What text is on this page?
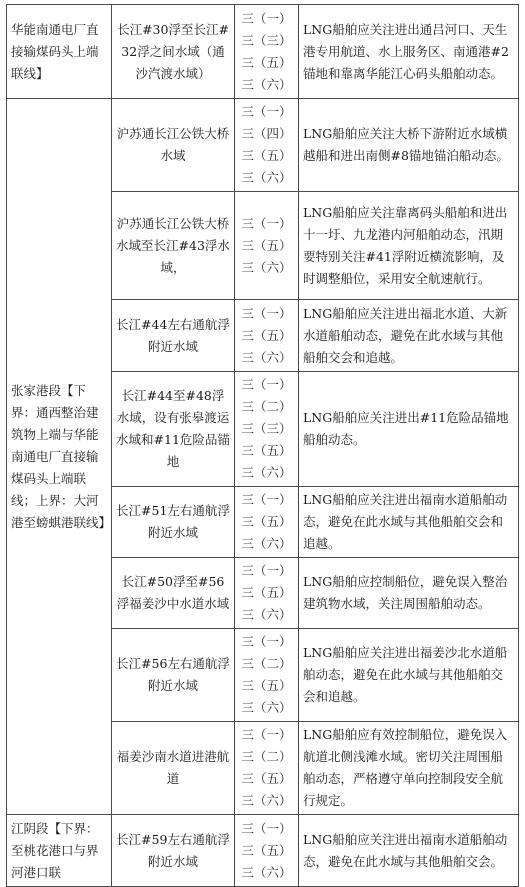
华能南通电厂直接输煤码头上端联线】	长江#30浮至长江#32浮之间水域（通沙汽渡水域）	三（一）
三（三）
三（五）
三（六）	LNG船舶应关注进出通吕河口、天生港专用航道、水上服务区、南通港#2锚地和靠离华能江心码头船舶动态。
张家港段【下界：通西整治建筑物上端与华能南通电厂直接输煤码头上端联线；上界：大河港至螃蜞港联线】	沪苏通长江公铁大桥水域	三（一）
三（四）
三（五）
三（六）	LNG船舶应关注大桥下游附近水域横越船和进出南侧#8锚地锚泊船动态。
	沪苏通长江公铁大桥水域至长江#43浮水域，	三（一）
三（五）
三（六）	LNG船舶应关注靠离码头船舶和进出十一圩、九龙港内河船舶动态，汛期要特别关注#41浮附近横流影响，及时调整船位，采用安全航速航行。
	长江#44左右通航浮附近水域	三（一）
三（五）
三（六）	LNG船舶应关注进出福北水道、大新水道船舶动态，避免在此水域与其他船舶交会和追越。
	长江#44至#48浮水域，设有张皋渡运水域和#11危险品锚地	三（一）
三（二）
三（三）
三（五）
三（六）	LNG船舶应关注进出#11危险品锚地船舶动态。
	长江#51左右通航浮附近水域	三（一）
三（五）
三（六）	LNG船舶应关注进出福南水道船舶动态，避免在此水域与其他船舶交会和追越。
	长江#50浮至#56浮福姜沙中水道水域	三（一）
三（五）
三（六）	LNG船舶应控制船位，避免误入整治建筑物水域，关注周围船舶动态。
	长江#56左右通航浮附近水域	三（一）
三（二）
三（五）
三（六）	LNG船舶应关注进出福姜沙北水道船舶动态，避免在此水域与其他船舶交会和追越。
	福姜沙南水道进港航道	三（一）
三（二）
三（五）
三（六）	LNG船舶应有效控制船位，避免误入航道北侧浅滩水域。密切关注周围船舶动态，严格遵守单向控制段安全航行规定。
江阴段【下界：至桃花港口与界河港口联	长江#59左右通航浮附近水域	三（一）
三（五）
三（六）	LNG船舶应关注进出福南水道船舶动态，避免在此水域与其他船舶交会。
